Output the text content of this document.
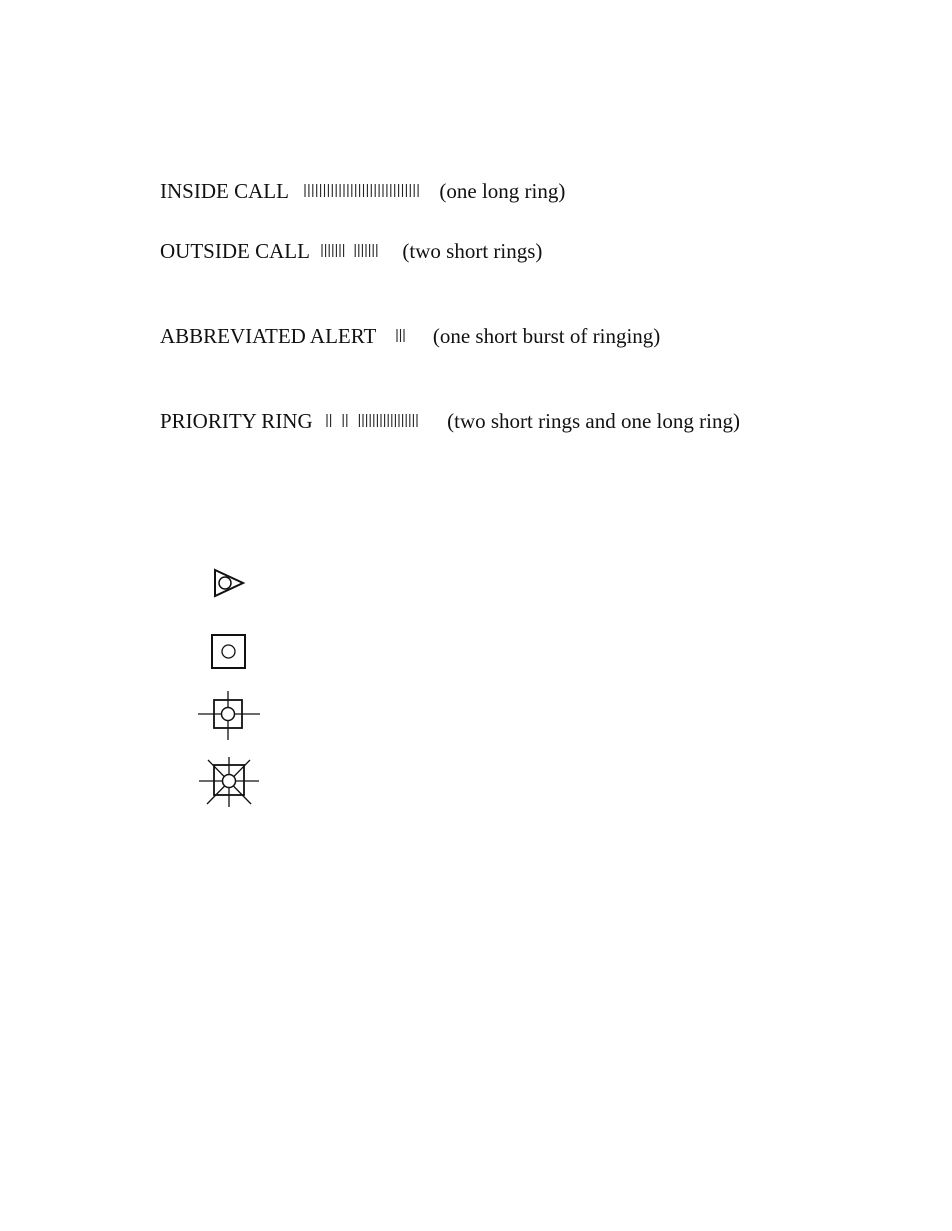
INSIDE CALL	(one long ring)
OUTSIDE CALL	(two short rings)
ABBREVIATED ALERT	(one short burst of ringing)
PRIORITY RING	(two short rings and one long ring)
